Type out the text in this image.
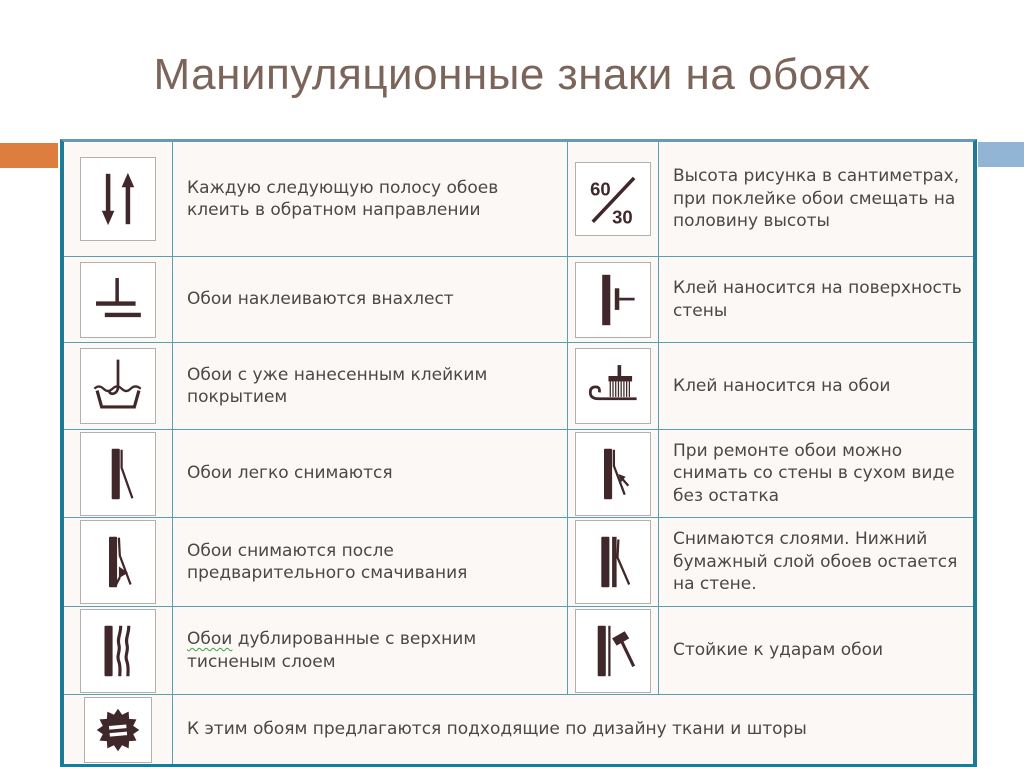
Манипуляционные знаки на обоях
Каждую следующую полосу обоев клеить в обратном направлении
60
30
Высота рисунка в сантиметрах, при поклейке обои смещать на половину высоты
Обои наклеиваются внахлест
Клей наносится на поверхность стены
Обои с уже нанесенным клейким покрытием
Клей наносится на обои
Обои легко снимаются
При ремонте обои можно снимать со стены в сухом виде без остатка
Обои снимаются после предварительного смачивания
Снимаются слоями. Нижний бумажный слой обоев остается на стене.
Обои дублированные с верхним тисненым слоем
Стойкие к ударам обои
К этим обоям предлагаются подходящие по дизайну ткани и шторы
